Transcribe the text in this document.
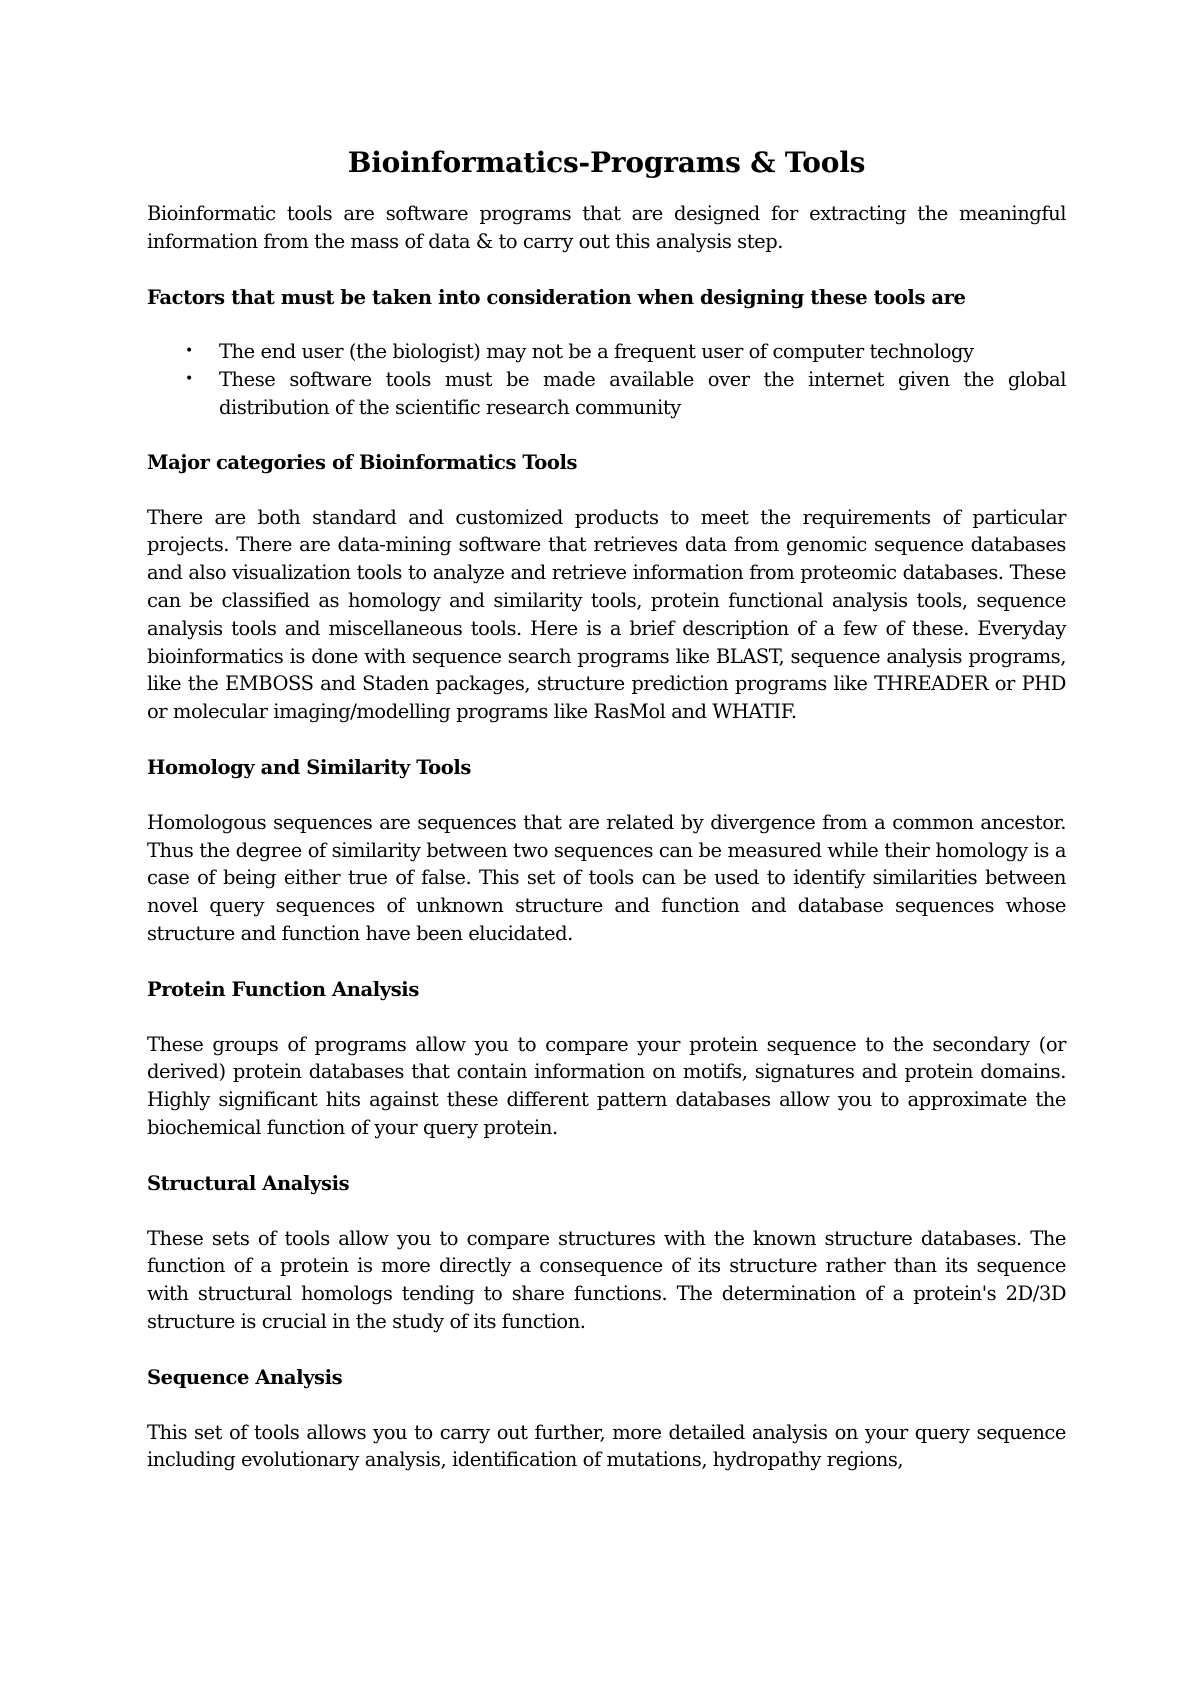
Bioinformatics-Programs & Tools

Bioinformatic tools are software programs that are designed for extracting the meaningful information from the mass of data & to carry out this analysis step.

Factors that must be taken into consideration when designing these tools are

• The end user (the biologist) may not be a frequent user of computer technology
• These software tools must be made available over the internet given the global distribution of the scientific research community

Major categories of Bioinformatics Tools

There are both standard and customized products to meet the requirements of particular projects. There are data-mining software that retrieves data from genomic sequence databases and also visualization tools to analyze and retrieve information from proteomic databases. These can be classified as homology and similarity tools, protein functional analysis tools, sequence analysis tools and miscellaneous tools. Here is a brief description of a few of these. Everyday bioinformatics is done with sequence search programs like BLAST, sequence analysis programs, like the EMBOSS and Staden packages, structure prediction programs like THREADER or PHD or molecular imaging/modelling programs like RasMol and WHATIF.

Homology and Similarity Tools

Homologous sequences are sequences that are related by divergence from a common ancestor. Thus the degree of similarity between two sequences can be measured while their homology is a case of being either true of false. This set of tools can be used to identify similarities between novel query sequences of unknown structure and function and database sequences whose structure and function have been elucidated.

Protein Function Analysis

These groups of programs allow you to compare your protein sequence to the secondary (or derived) protein databases that contain information on motifs, signatures and protein domains. Highly significant hits against these different pattern databases allow you to approximate the biochemical function of your query protein.

Structural Analysis

These sets of tools allow you to compare structures with the known structure databases. The function of a protein is more directly a consequence of its structure rather than its sequence with structural homologs tending to share functions. The determination of a protein's 2D/3D structure is crucial in the study of its function.

Sequence Analysis

This set of tools allows you to carry out further, more detailed analysis on your query sequence including evolutionary analysis, identification of mutations, hydropathy regions,
